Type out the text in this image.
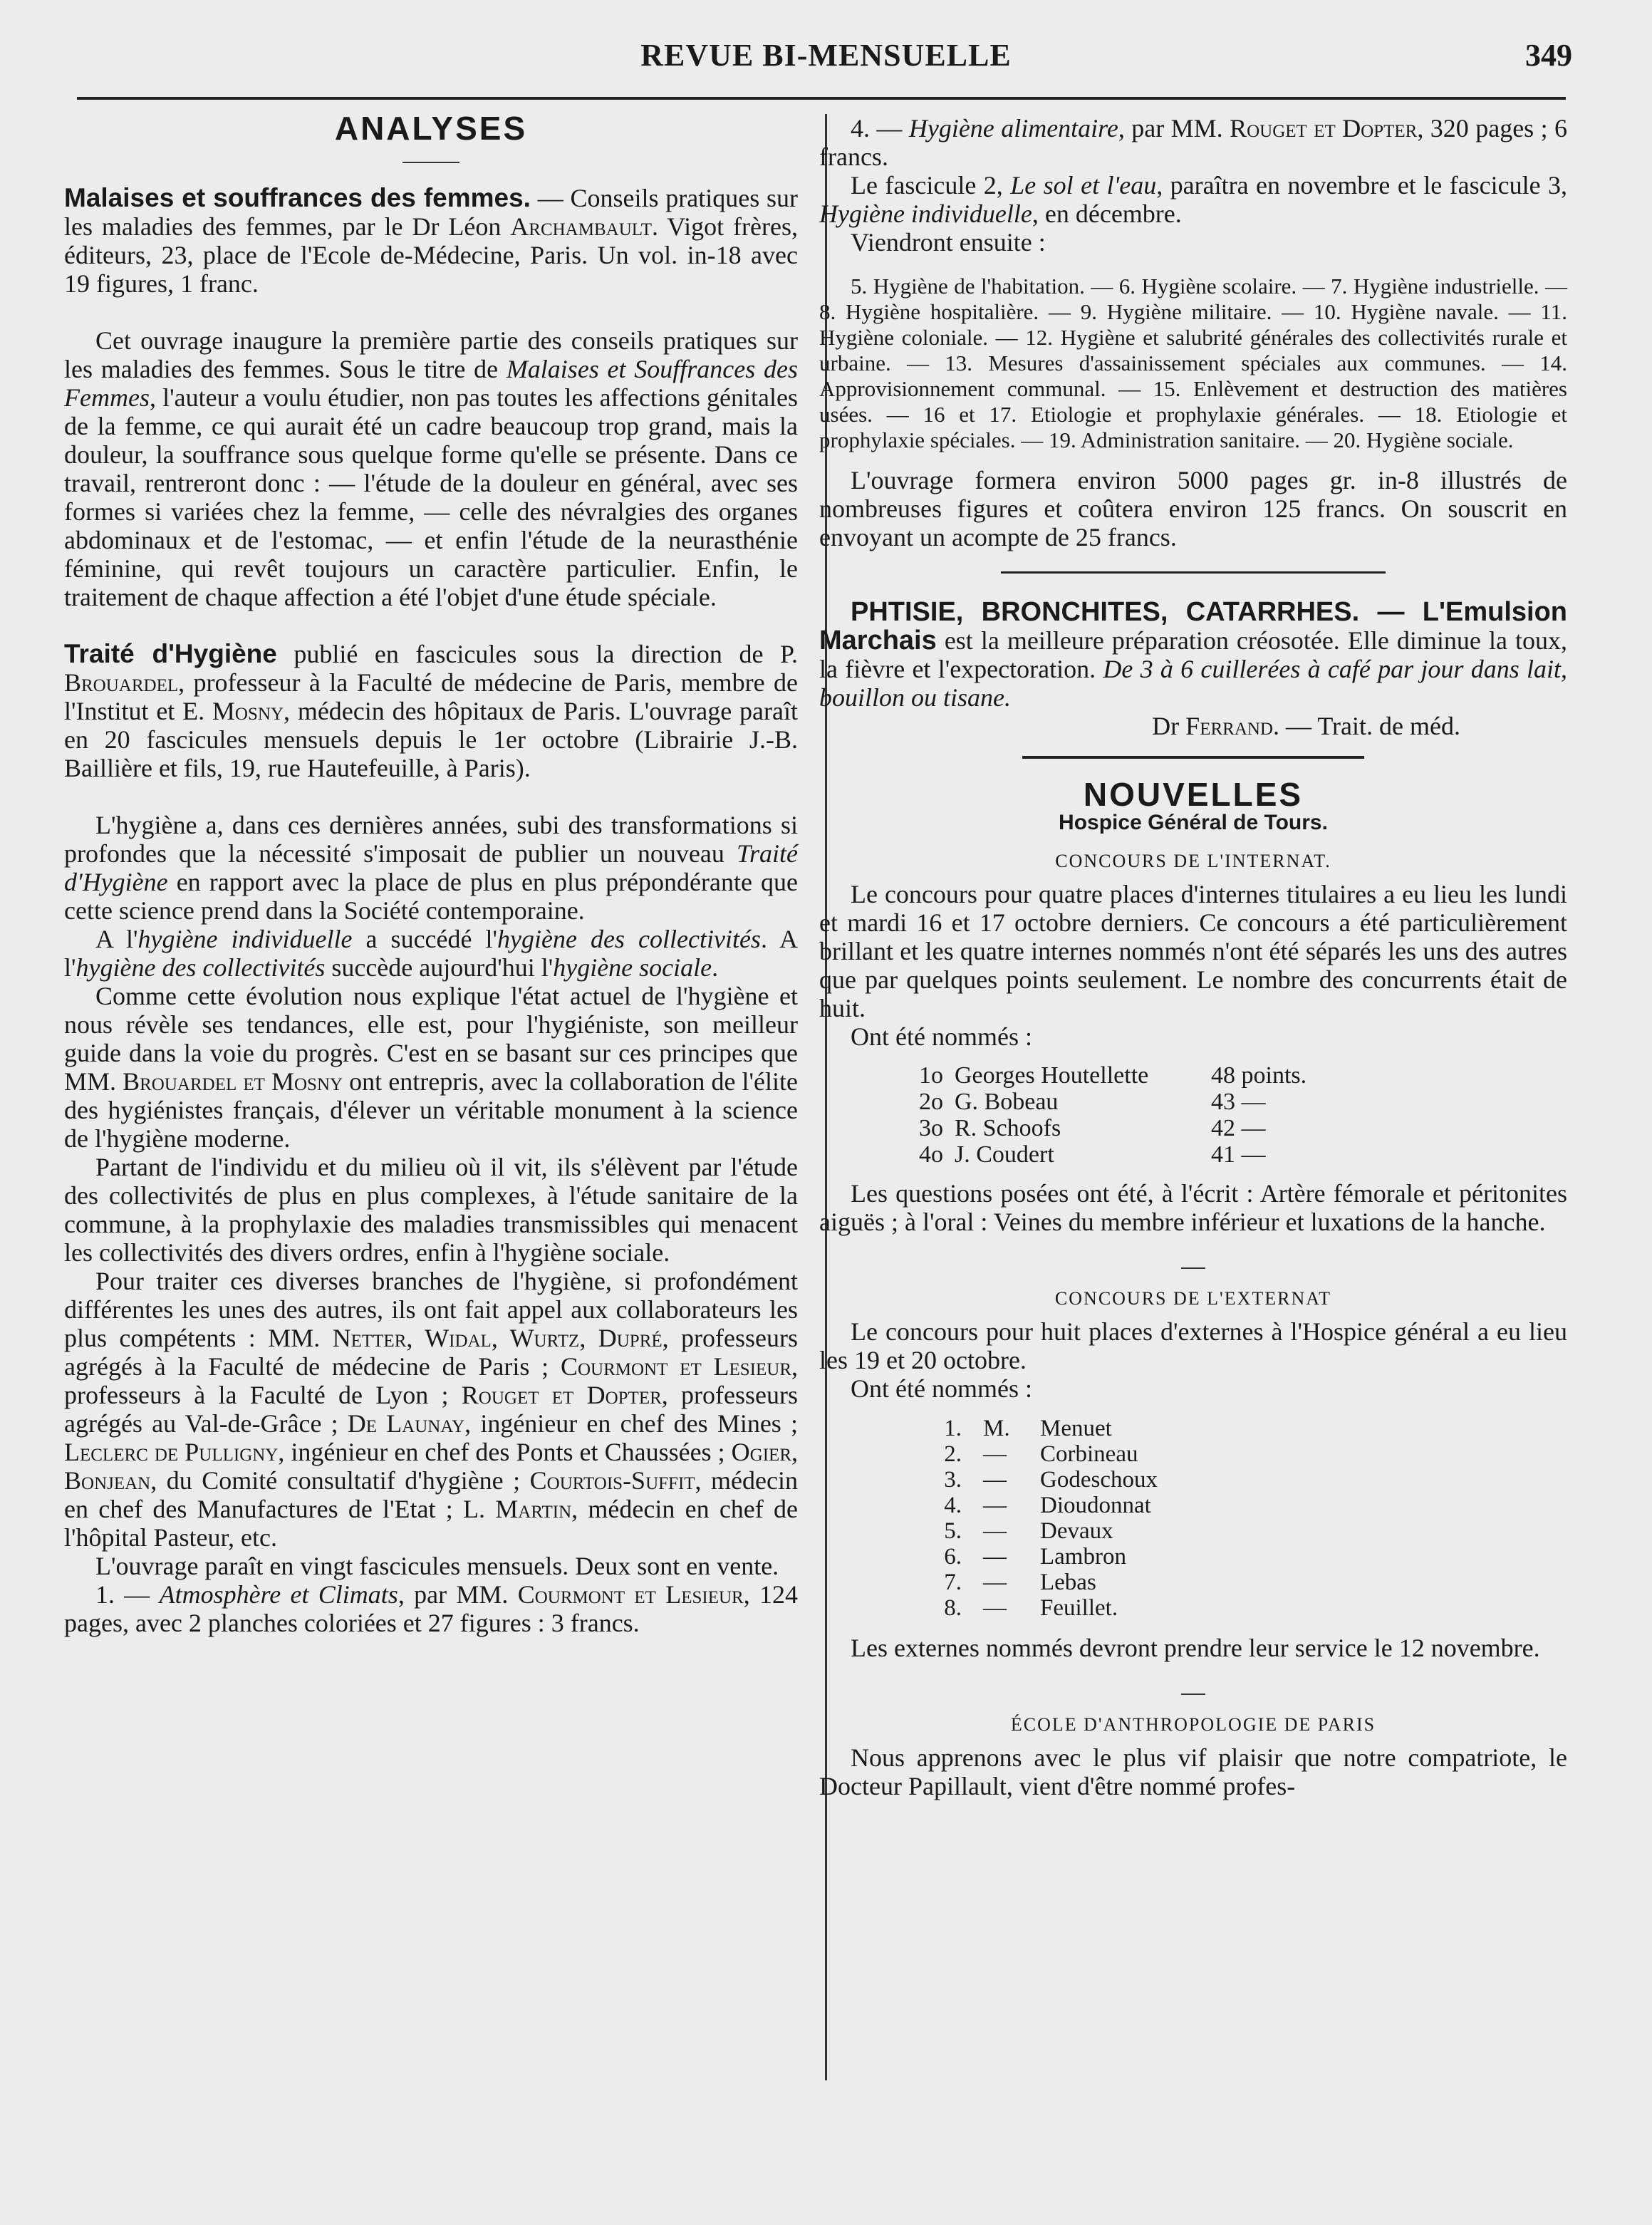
REVUE BI-MENSUELLE	349
ANALYSES

Malaises et souffrances des femmes. — Conseils pratiques sur les maladies des femmes, par le Dr Léon Archambault. Vigot frères, éditeurs, 23, place de l'Ecole de-Médecine, Paris. Un vol. in-18 avec 19 figures, 1 franc.

Cet ouvrage inaugure la première partie des conseils pratiques sur les maladies des femmes. Sous le titre de Malaises et Souffrances des Femmes, l'auteur a voulu étudier, non pas toutes les affections génitales de la femme, ce qui aurait été un cadre beaucoup trop grand, mais la douleur, la souffrance sous quelque forme qu'elle se présente. Dans ce travail, rentreront donc : — l'étude de la douleur en général, avec ses formes si variées chez la femme, — celle des névralgies des organes abdominaux et de l'estomac, — et enfin l'étude de la neurasthénie féminine, qui revêt toujours un caractère particulier. Enfin, le traitement de chaque affection a été l'objet d'une étude spéciale.

Traité d'Hygiène publié en fascicules sous la direction de P. Brouardel, professeur à la Faculté de médecine de Paris, membre de l'Institut et E. Mosny, médecin des hôpitaux de Paris. L'ouvrage paraît en 20 fascicules mensuels depuis le 1er octobre (Librairie J.-B. Baillière et fils, 19, rue Hautefeuille, à Paris).

L'hygiène a, dans ces dernières années, subi des transformations si profondes que la nécessité s'imposait de publier un nouveau Traité d'Hygiène en rapport avec la place de plus en plus prépondérante que cette science prend dans la Société contemporaine.

A l'hygiène individuelle a succédé l'hygiène des collectivités. A l'hygiène des collectivités succède aujourd'hui l'hygiène sociale.

Comme cette évolution nous explique l'état actuel de l'hygiène et nous révèle ses tendances, elle est, pour l'hygiéniste, son meilleur guide dans la voie du progrès. C'est en se basant sur ces principes que MM. Brouardel et Mosny ont entrepris, avec la collaboration de l'élite des hygiénistes français, d'élever un véritable monument à la science de l'hygiène moderne.

Partant de l'individu et du milieu où il vit, ils s'élèvent par l'étude des collectivités de plus en plus complexes, à l'étude sanitaire de la commune, à la prophylaxie des maladies transmissibles qui menacent les collectivités des divers ordres, enfin à l'hygiène sociale.

Pour traiter ces diverses branches de l'hygiène, si profondément différentes les unes des autres, ils ont fait appel aux collaborateurs les plus compétents : MM. Netter, Widal, Wurtz, Dupré, professeurs agrégés à la Faculté de médecine de Paris ; Courmont et Lesieur, professeurs à la Faculté de Lyon ; Rouget et Dopter, professeurs agrégés au Val-de-Grâce ; De Launay, ingénieur en chef des Mines ; Leclerc de Pulligny, ingénieur en chef des Ponts et Chaussées ; Ogier, Bonjean, du Comité consultatif d'hygiène ; Courtois-Suffit, médecin en chef des Manufactures de l'Etat ; L. Martin, médecin en chef de l'hôpital Pasteur, etc.

L'ouvrage paraît en vingt fascicules mensuels. Deux sont en vente.

1. — Atmosphère et Climats, par MM. Courmont et Lesieur, 124 pages, avec 2 planches coloriées et 27 figures : 3 francs.

4. — Hygiène alimentaire, par MM. Rouget et Dopter, 320 pages ; 6 francs.

Le fascicule 2, Le sol et l'eau, paraîtra en novembre et le fascicule 3, Hygiène individuelle, en décembre.

Viendront ensuite :

5. Hygiène de l'habitation. — 6. Hygiène scolaire. — 7. Hygiène industrielle. — 8. Hygiène hospitalière. — 9. Hygiène militaire. — 10. Hygiène navale. — 11. Hygiène coloniale. — 12. Hygiène et salubrité générales des collectivités rurale et urbaine. — 13. Mesures d'assainissement spéciales aux communes. — 14. Approvisionnement communal. — 15. Enlèvement et destruction des matières usées. — 16 et 17. Etiologie et prophylaxie générales. — 18. Etiologie et prophylaxie spéciales. — 19. Administration sanitaire. — 20. Hygiène sociale.

L'ouvrage formera environ 5000 pages gr. in-8 illustrés de nombreuses figures et coûtera environ 125 francs. On souscrit en envoyant un acompte de 25 francs.

PHTISIE, BRONCHITES, CATARRHES. — L'Emulsion Marchais est la meilleure préparation créosotée. Elle diminue la toux, la fièvre et l'expectoration. De 3 à 6 cuillerées à café par jour dans lait, bouillon ou tisane.

Dr Ferrand. — Trait. de méd.

NOUVELLES
Hospice Général de Tours.
CONCOURS DE L'INTERNAT.

Le concours pour quatre places d'internes titulaires a eu lieu les lundi et mardi 16 et 17 octobre derniers. Ce concours a été particulièrement brillant et les quatre internes nommés n'ont été séparés les uns des autres que par quelques points seulement. Le nombre des concurrents était de huit.

Ont été nommés :

1o Georges Houtellette	48 points.
2o G. Bobeau	43 —
3o R. Schoofs	42 —
4o J. Coudert	41 —

Les questions posées ont été, à l'écrit : Artère fémorale et péritonites aiguës ; à l'oral : Veines du membre inférieur et luxations de la hanche.

CONCOURS DE L'EXTERNAT

Le concours pour huit places d'externes à l'Hospice général a eu lieu les 19 et 20 octobre.

Ont été nommés :

1. M.	Menuet
2. —	Corbineau
3. —	Godeschoux
4. —	Dioudonnat
5. —	Devaux
6. —	Lambron
7. —	Lebas
8. —	Feuillet.

Les externes nommés devront prendre leur service le 12 novembre.

ÉCOLE D'ANTHROPOLOGIE DE PARIS

Nous apprenons avec le plus vif plaisir que notre compatriote, le Docteur Papillault, vient d'être nommé profes-
